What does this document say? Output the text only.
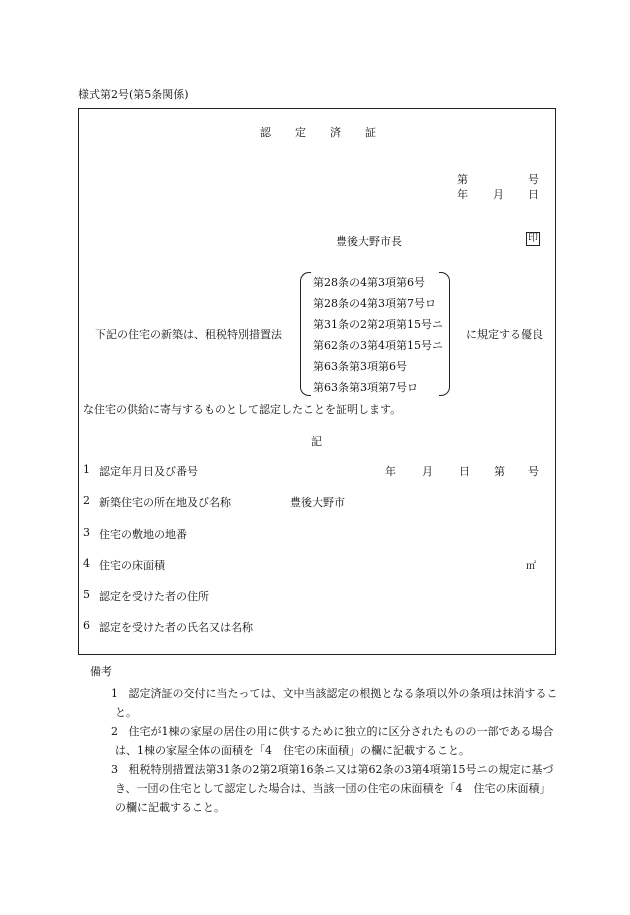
様式第2号(第5条関係)
認 定 済 証
第	号
年 月 日
豊後大野市長	印
下記の住宅の新築は、租税特別措置法
第28条の4第3項第6号
第28条の4第3項第7号ロ
第31条の2第2項第15号ニ
第62条の3第4項第15号ニ
第63条第3項第6号
第63条第3項第7号ロ
に規定する優良
な住宅の供給に寄与するものとして認定したことを証明します。
記
1 認定年月日及び番号	年 月 日 第 号
2 新築住宅の所在地及び名称	豊後大野市
3 住宅の敷地の地番
4 住宅の床面積	㎡
5 認定を受けた者の住所
6 認定を受けた者の氏名又は名称
備考
1 認定済証の交付に当たっては、文中当該認定の根拠となる条項以外の条項は抹消すること。
2 住宅が1棟の家屋の居住の用に供するために独立的に区分されたものの一部である場合は、1棟の家屋全体の面積を「4　住宅の床面積」の欄に記載すること。
3 租税特別措置法第31条の2第2項第16条ニ又は第62条の3第4項第15号ニの規定に基づき、一団の住宅として認定した場合は、当該一団の住宅の床面積を「4　住宅の床面積」の欄に記載すること。
